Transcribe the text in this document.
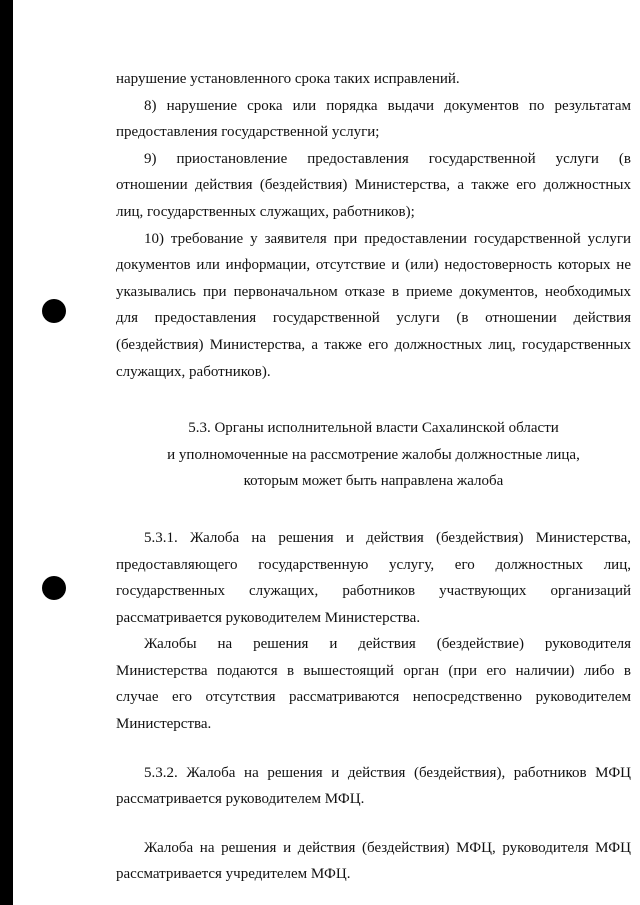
нарушение установленного срока таких исправлений.
8) нарушение срока или порядка выдачи документов по результатам
предоставления государственной услуги;
9) приостановление предоставления государственной услуги (в
отношении действия (бездействия) Министерства, а также его должностных
лиц, государственных служащих, работников);
10) требование у заявителя при предоставлении государственной услуги
документов или информации, отсутствие и (или) недостоверность которых не
указывались при первоначальном отказе в приеме документов, необходимых
для предоставления государственной услуги (в отношении действия
(бездействия) Министерства, а также его должностных лиц, государственных
служащих, работников).
5.3. Органы исполнительной власти Сахалинской области
и уполномоченные на рассмотрение жалобы должностные лица,
которым может быть направлена жалоба
5.3.1. Жалоба на решения и действия (бездействия) Министерства,
предоставляющего государственную услугу, его должностных лиц,
государственных служащих, работников участвующих организаций
рассматривается руководителем Министерства.
Жалобы на решения и действия (бездействие) руководителя
Министерства подаются в вышестоящий орган (при его наличии) либо в
случае его отсутствия рассматриваются непосредственно руководителем
Министерства.
5.3.2. Жалоба на решения и действия (бездействия), работников МФЦ
рассматривается руководителем МФЦ.
Жалоба на решения и действия (бездействия) МФЦ, руководителя МФЦ
рассматривается учредителем МФЦ.
